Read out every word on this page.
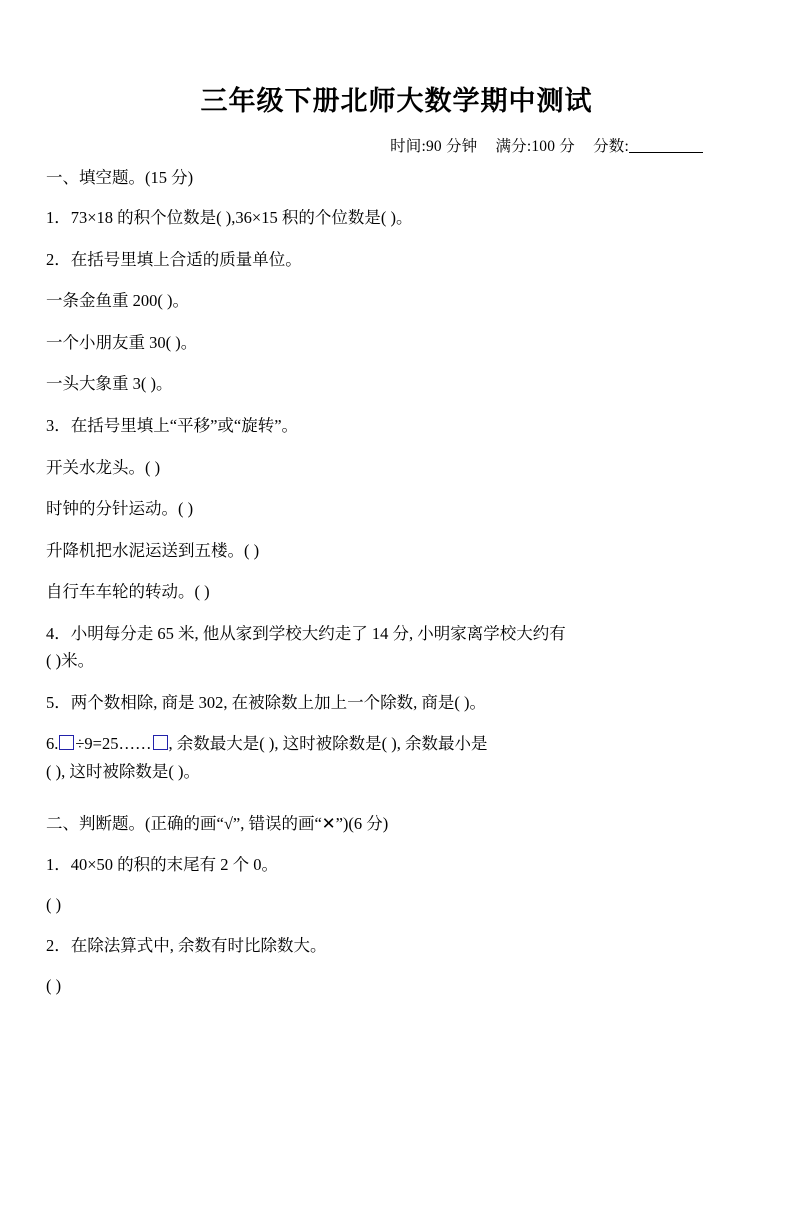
三年级下册北师大数学期中测试
时间:90 分钟 满分:100 分 分数:
一、填空题。(15 分)
1．73×18 的积个位数是( ),36×15 积的个位数是( )。
2．在括号里填上合适的质量单位。
一条金鱼重 200( )。
一个小朋友重 30( )。
一头大象重 3( )。
3．在括号里填上“平移”或“旋转”。
开关水龙头。( )
时钟的分针运动。( )
升降机把水泥运送到五楼。( )
自行车车轮的转动。( )
4．小明每分走 65 米, 他从家到学校大约走了 14 分, 小明家离学校大约有
( )米。
5．两个数相除, 商是 302, 在被除数上加上一个除数, 商是( )。
6. ÷9=25…… , 余数最大是( ), 这时被除数是( ), 余数最小是
( ), 这时被除数是( )。
二、判断题。(正确的画“√”, 错误的画“✕”)(6 分)
1．40×50 的积的末尾有 2 个 0。
( )
2．在除法算式中, 余数有时比除数大。
( )
